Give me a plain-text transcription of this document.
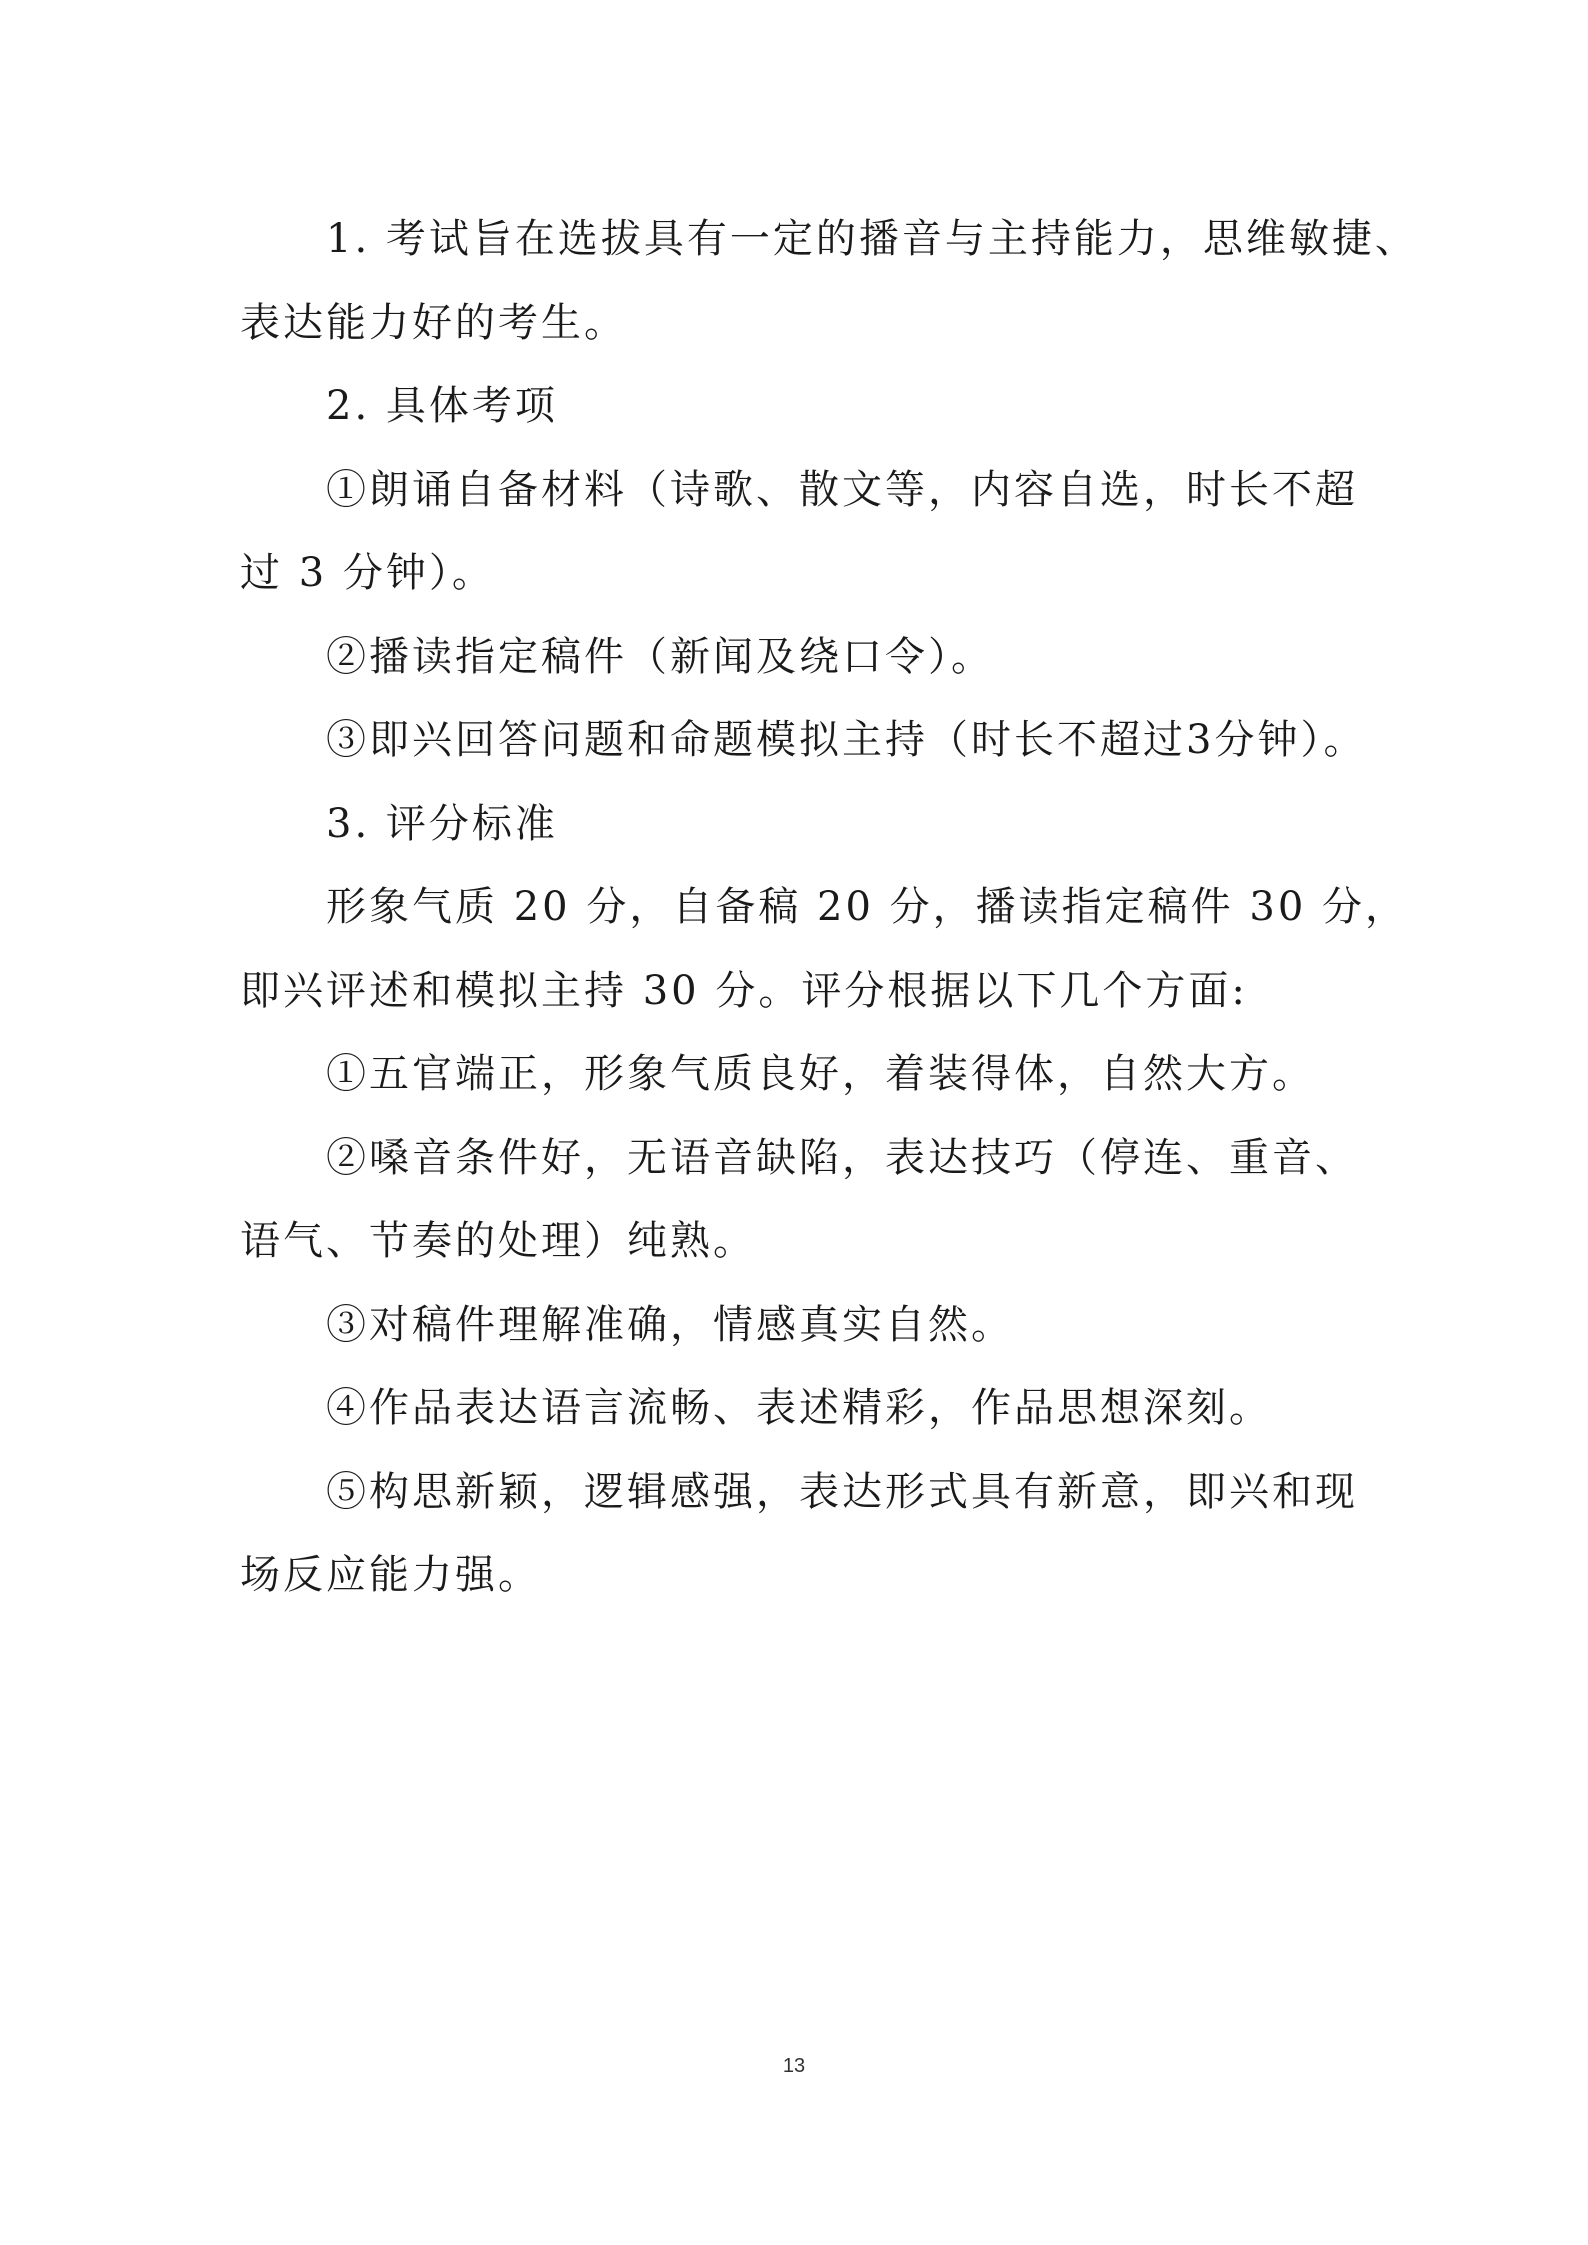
1. 考试旨在选拔具有一定的播音与主持能力，思维敏捷、
表达能力好的考生。
2. 具体考项
①朗诵自备材料（诗歌、散文等，内容自选，时长不超
过 3 分钟）。
②播读指定稿件（新闻及绕口令）。
③即兴回答问题和命题模拟主持（时长不超过3分钟）。
3. 评分标准
形象气质 20 分，自备稿 20 分，播读指定稿件 30 分，
即兴评述和模拟主持 30 分。评分根据以下几个方面:
①五官端正，形象气质良好，着装得体，自然大方。
②嗓音条件好，无语音缺陷，表达技巧（停连、重音、
语气、节奏的处理）纯熟。
③对稿件理解准确，情感真实自然。
④作品表达语言流畅、表述精彩，作品思想深刻。
⑤构思新颖，逻辑感强，表达形式具有新意，即兴和现
场反应能力强。
13
